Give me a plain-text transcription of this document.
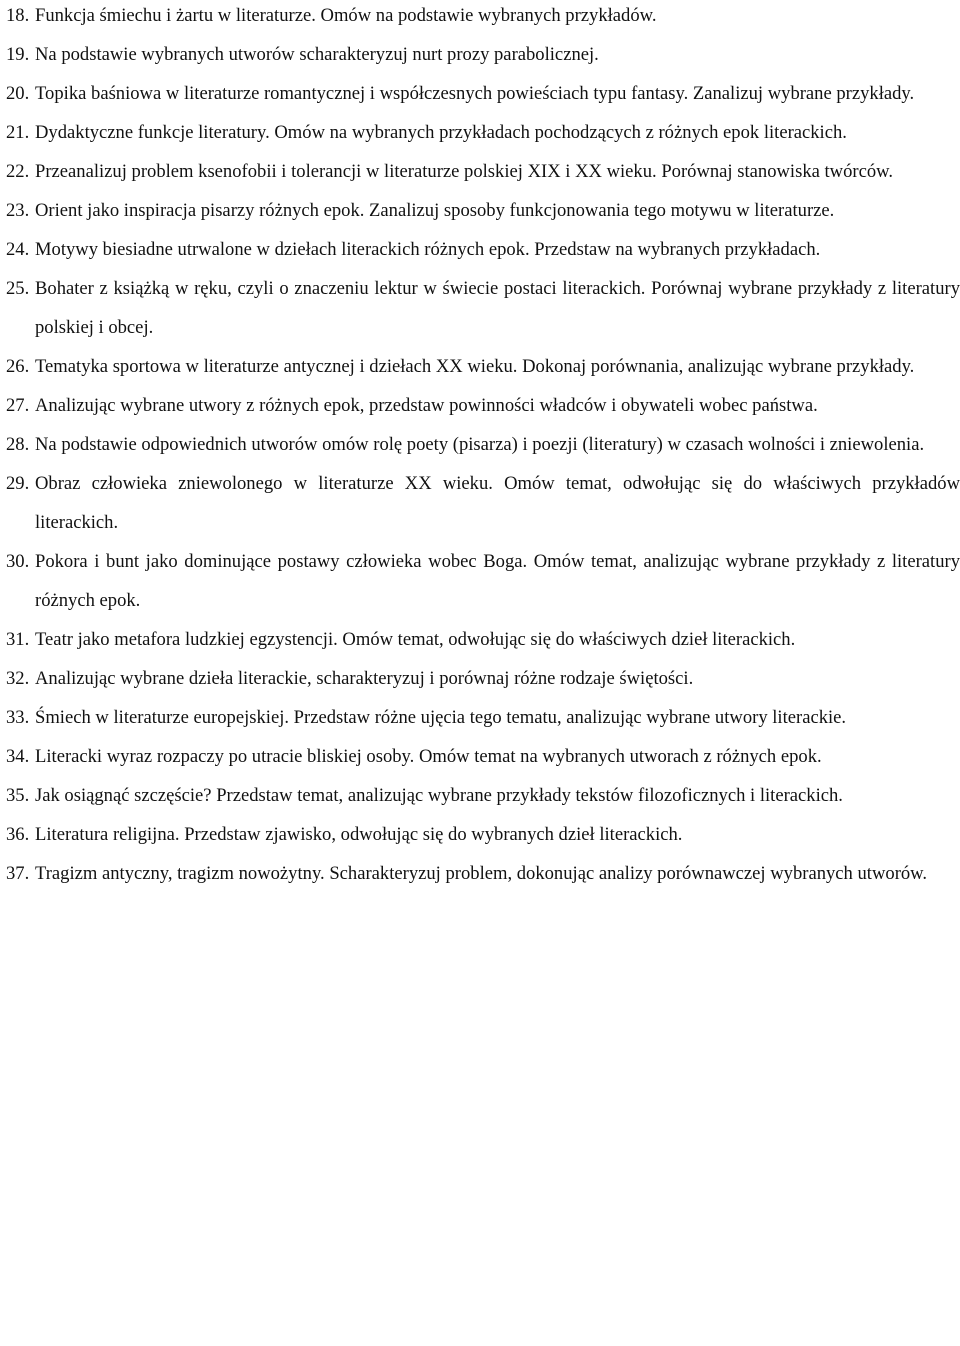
18. Funkcja śmiechu i żartu w literaturze. Omów na podstawie wybranych przykładów.
19. Na podstawie wybranych utworów scharakteryzuj nurt prozy parabolicznej.
20. Topika baśniowa w literaturze romantycznej i współczesnych powieściach typu fantasy. Zanalizuj wybrane przykłady.
21. Dydaktyczne funkcje literatury. Omów na wybranych przykładach pochodzących z różnych epok literackich.
22. Przeanalizuj problem ksenofobii i tolerancji w literaturze polskiej XIX i XX wieku. Porównaj stanowiska twórców.
23. Orient jako inspiracja pisarzy różnych epok. Zanalizuj sposoby funkcjonowania tego motywu w literaturze.
24. Motywy biesiadne utrwalone w dziełach literackich różnych epok. Przedstaw na wybranych przykładach.
25. Bohater z książką w ręku, czyli o znaczeniu lektur w świecie postaci literackich. Porównaj wybrane przykłady z literatury polskiej i obcej.
26. Tematyka sportowa w literaturze antycznej i dziełach XX wieku. Dokonaj porównania, analizując wybrane przykłady.
27. Analizując wybrane utwory z różnych epok, przedstaw powinności władców i obywateli wobec państwa.
28. Na podstawie odpowiednich utworów omów rolę poety (pisarza) i poezji (literatury) w czasach wolności i zniewolenia.
29. Obraz człowieka zniewolonego w literaturze XX wieku. Omów temat, odwołując się do właściwych przykładów literackich.
30. Pokora i bunt jako dominujące postawy człowieka wobec Boga. Omów temat, analizując wybrane przykłady z literatury różnych epok.
31. Teatr jako metafora ludzkiej egzystencji. Omów temat, odwołując się do właściwych dzieł literackich.
32. Analizując wybrane dzieła literackie, scharakteryzuj i porównaj różne rodzaje świętości.
33. Śmiech w literaturze europejskiej. Przedstaw różne ujęcia tego tematu, analizując wybrane utwory literackie.
34. Literacki wyraz rozpaczy po utracie bliskiej osoby. Omów temat na wybranych utworach z różnych epok.
35. Jak osiągnąć szczęście? Przedstaw temat, analizując wybrane przykłady tekstów filozoficznych i literackich.
36. Literatura religijna. Przedstaw zjawisko, odwołując się do wybranych dzieł literackich.
37. Tragizm antyczny, tragizm nowożytny. Scharakteryzuj problem, dokonując analizy porównawczej wybranych utworów.
